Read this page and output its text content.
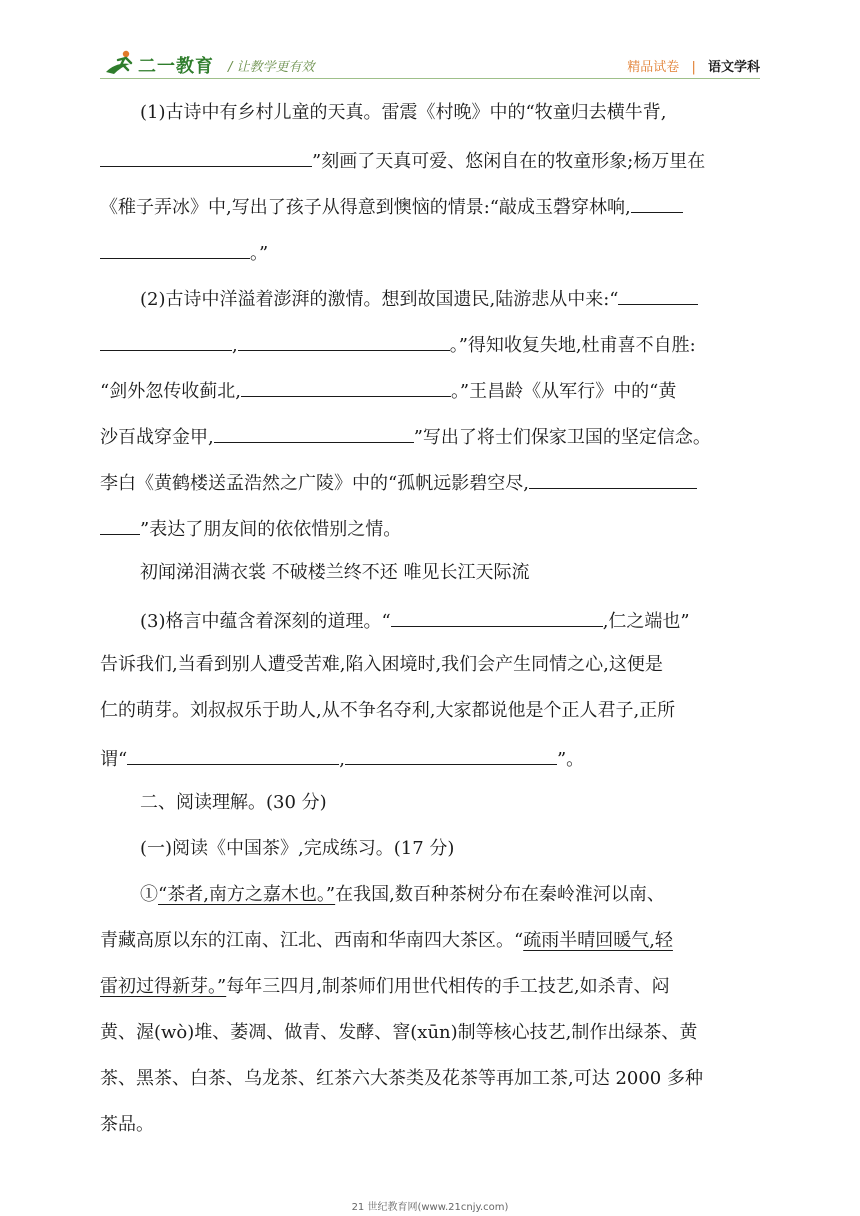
二一教育 / 让教学更有效	精品试卷 | 语文学科
(1)古诗中有乡村儿童的天真。雷震《村晚》中的“牧童归去横牛背,
”刻画了天真可爱、悠闲自在的牧童形象;杨万里在
《稚子弄冰》中,写出了孩子从得意到懊恼的情景:“敲成玉磬穿林响,
。”
(2)古诗中洋溢着澎湃的激情。想到故国遗民,陆游悲从中来:“
,	。”得知收复失地,杜甫喜不自胜:
“剑外忽传收蓟北,	。”王昌龄《从军行》中的“黄
沙百战穿金甲,	”写出了将士们保家卫国的坚定信念。
李白《黄鹤楼送孟浩然之广陵》中的“孤帆远影碧空尽,
”表达了朋友间的依依惜别之情。
初闻涕泪满衣裳 不破楼兰终不还 唯见长江天际流
(3)格言中蕴含着深刻的道理。“	,仁之端也”
告诉我们,当看到别人遭受苦难,陷入困境时,我们会产生同情之心,这便是
仁的萌芽。刘叔叔乐于助人,从不争名夺利,大家都说他是个正人君子,正所
谓“	,	”。
二、阅读理解。(30 分)
(一)阅读《中国茶》,完成练习。(17 分)
①“茶者,南方之嘉木也。”在我国,数百种茶树分布在秦岭淮河以南、
青藏高原以东的江南、江北、西南和华南四大茶区。“疏雨半晴回暖气,轻
雷初过得新芽。”每年三四月,制茶师们用世代相传的手工技艺,如杀青、闷
黄、渥(wò)堆、萎凋、做青、发酵、窨(xūn)制等核心技艺,制作出绿茶、黄
茶、黑茶、白茶、乌龙茶、红茶六大茶类及花茶等再加工茶,可达 2000 多种
茶品。
21 世纪教育网(www.21cnjy.com)
